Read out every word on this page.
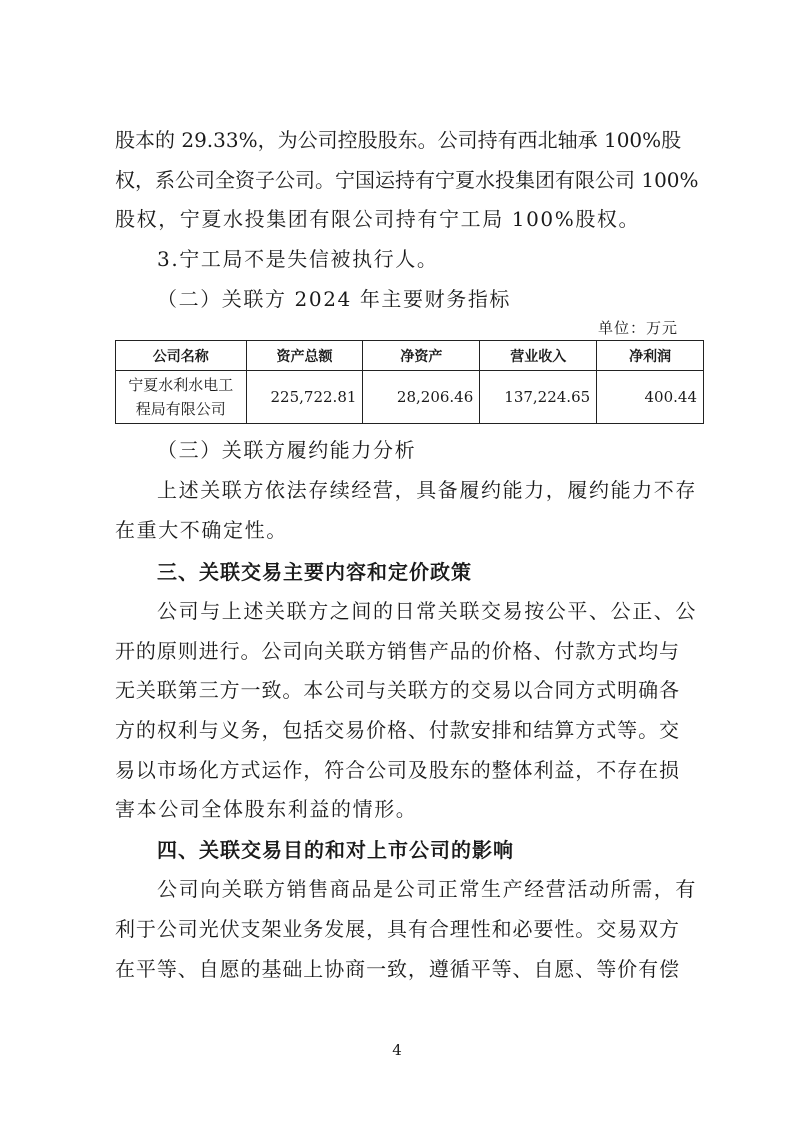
股本的 29.33%，为公司控股股东。公司持有西北轴承 100%股
权，系公司全资子公司。宁国运持有宁夏水投集团有限公司 100%
股权，宁夏水投集团有限公司持有宁工局 100%股权。
3.宁工局不是失信被执行人。
（二）关联方 2024 年主要财务指标
单位：万元
公司名称	资产总额	净资产	营业收入	净利润
宁夏水利水电工程局有限公司	225,722.81	28,206.46	137,224.65	400.44
（三）关联方履约能力分析
上述关联方依法存续经营，具备履约能力，履约能力不存
在重大不确定性。
三、关联交易主要内容和定价政策
公司与上述关联方之间的日常关联交易按公平、公正、公
开的原则进行。公司向关联方销售产品的价格、付款方式均与
无关联第三方一致。本公司与关联方的交易以合同方式明确各
方的权利与义务，包括交易价格、付款安排和结算方式等。交
易以市场化方式运作，符合公司及股东的整体利益，不存在损
害本公司全体股东利益的情形。
四、关联交易目的和对上市公司的影响
公司向关联方销售商品是公司正常生产经营活动所需，有
利于公司光伏支架业务发展，具有合理性和必要性。交易双方
在平等、自愿的基础上协商一致，遵循平等、自愿、等价有偿
4
